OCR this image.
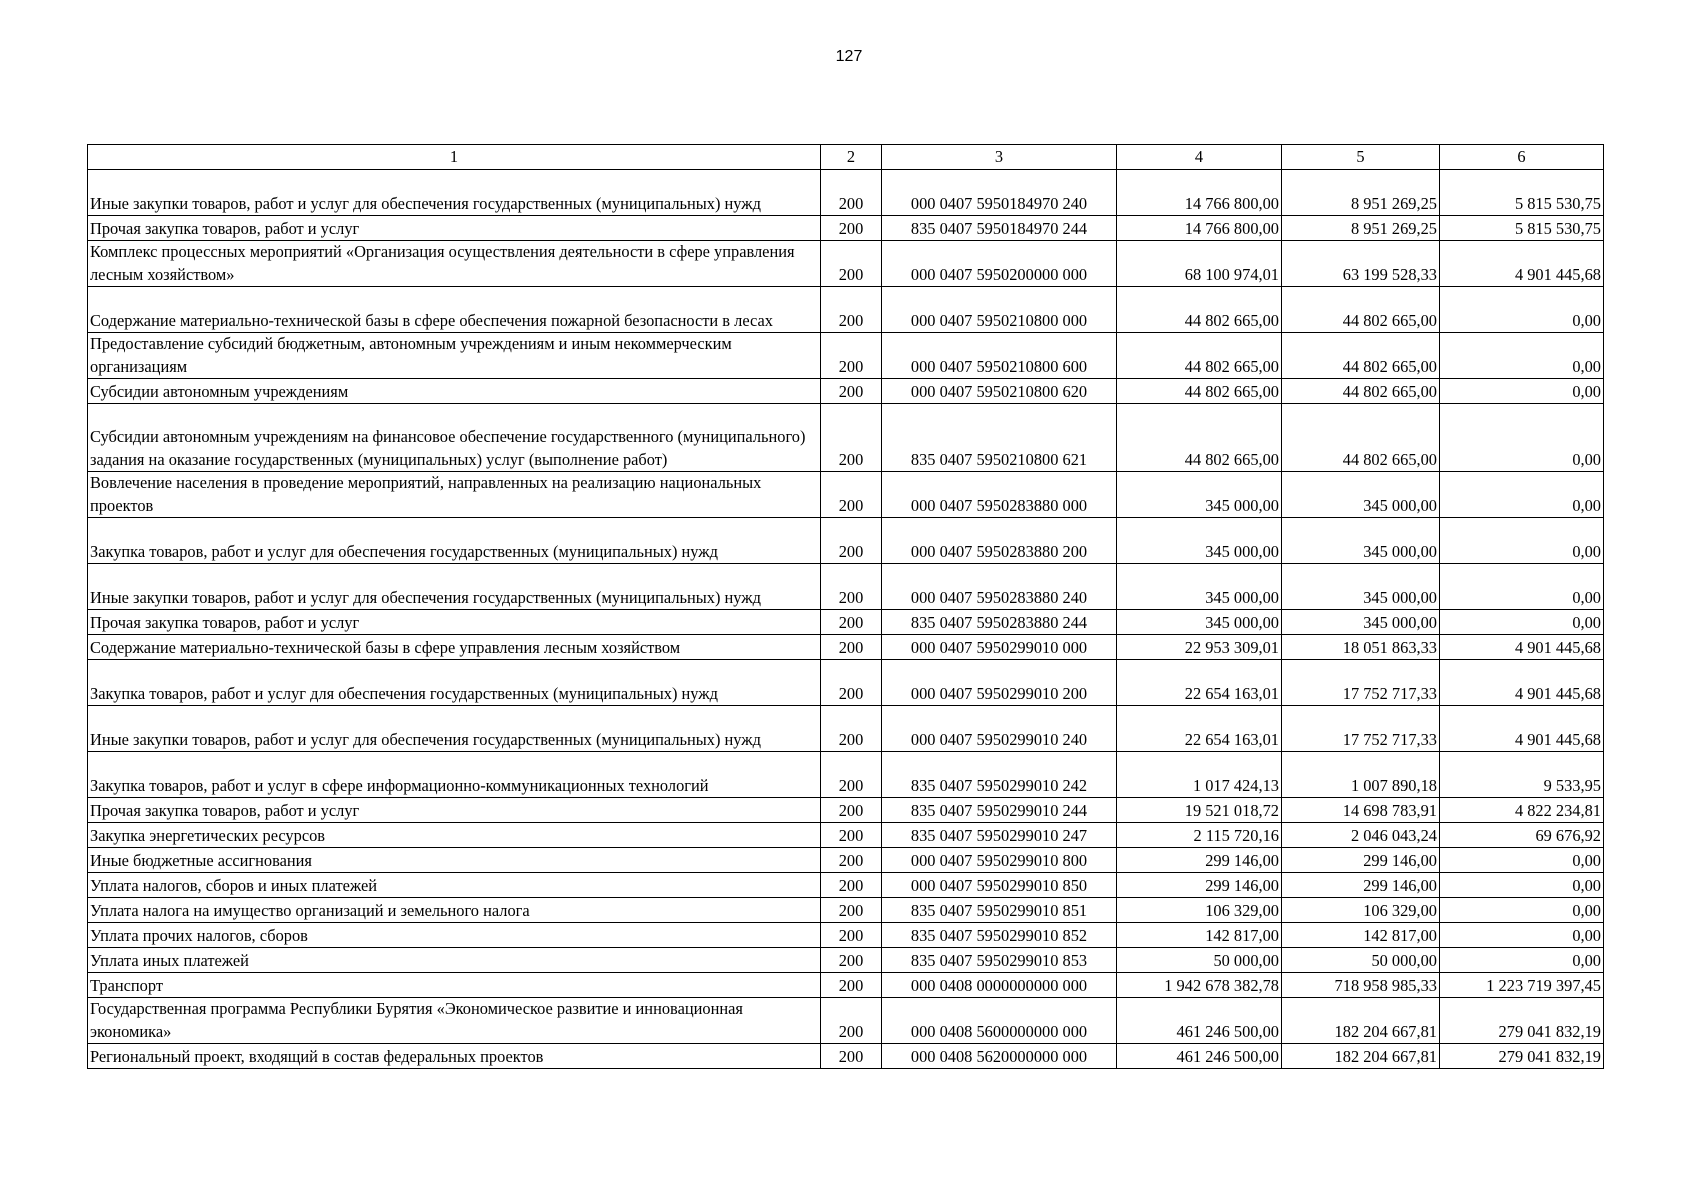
127
1	2	3	4	5	6
Иные закупки товаров, работ и услуг для обеспечения государственных (муниципальных) нужд	200	000 0407 5950184970 240	14 766 800,00	8 951 269,25	5 815 530,75
Прочая закупка товаров, работ и услуг	200	835 0407 5950184970 244	14 766 800,00	8 951 269,25	5 815 530,75
Комплекс процессных мероприятий «Организация осуществления деятельности в сфере управления лесным хозяйством»	200	000 0407 5950200000 000	68 100 974,01	63 199 528,33	4 901 445,68
Содержание материально-технической базы в сфере обеспечения пожарной безопасности в лесах	200	000 0407 5950210800 000	44 802 665,00	44 802 665,00	0,00
Предоставление субсидий бюджетным, автономным учреждениям и иным некоммерческим организациям	200	000 0407 5950210800 600	44 802 665,00	44 802 665,00	0,00
Субсидии автономным учреждениям	200	000 0407 5950210800 620	44 802 665,00	44 802 665,00	0,00
Субсидии автономным учреждениям на финансовое обеспечение государственного (муниципального) задания на оказание государственных (муниципальных) услуг (выполнение работ)	200	835 0407 5950210800 621	44 802 665,00	44 802 665,00	0,00
Вовлечение населения в проведение мероприятий, направленных на реализацию национальных проектов	200	000 0407 5950283880 000	345 000,00	345 000,00	0,00
Закупка товаров, работ и услуг для обеспечения государственных (муниципальных) нужд	200	000 0407 5950283880 200	345 000,00	345 000,00	0,00
Иные закупки товаров, работ и услуг для обеспечения государственных (муниципальных) нужд	200	000 0407 5950283880 240	345 000,00	345 000,00	0,00
Прочая закупка товаров, работ и услуг	200	835 0407 5950283880 244	345 000,00	345 000,00	0,00
Содержание материально-технической базы в сфере управления лесным хозяйством	200	000 0407 5950299010 000	22 953 309,01	18 051 863,33	4 901 445,68
Закупка товаров, работ и услуг для обеспечения государственных (муниципальных) нужд	200	000 0407 5950299010 200	22 654 163,01	17 752 717,33	4 901 445,68
Иные закупки товаров, работ и услуг для обеспечения государственных (муниципальных) нужд	200	000 0407 5950299010 240	22 654 163,01	17 752 717,33	4 901 445,68
Закупка товаров, работ и услуг в сфере информационно-коммуникационных технологий	200	835 0407 5950299010 242	1 017 424,13	1 007 890,18	9 533,95
Прочая закупка товаров, работ и услуг	200	835 0407 5950299010 244	19 521 018,72	14 698 783,91	4 822 234,81
Закупка энергетических ресурсов	200	835 0407 5950299010 247	2 115 720,16	2 046 043,24	69 676,92
Иные бюджетные ассигнования	200	000 0407 5950299010 800	299 146,00	299 146,00	0,00
Уплата налогов, сборов и иных платежей	200	000 0407 5950299010 850	299 146,00	299 146,00	0,00
Уплата налога на имущество организаций и земельного налога	200	835 0407 5950299010 851	106 329,00	106 329,00	0,00
Уплата прочих налогов, сборов	200	835 0407 5950299010 852	142 817,00	142 817,00	0,00
Уплата иных платежей	200	835 0407 5950299010 853	50 000,00	50 000,00	0,00
Транспорт	200	000 0408 0000000000 000	1 942 678 382,78	718 958 985,33	1 223 719 397,45
Государственная программа Республики Бурятия «Экономическое развитие и инновационная экономика»	200	000 0408 5600000000 000	461 246 500,00	182 204 667,81	279 041 832,19
Региональный проект, входящий в состав федеральных проектов	200	000 0408 5620000000 000	461 246 500,00	182 204 667,81	279 041 832,19
